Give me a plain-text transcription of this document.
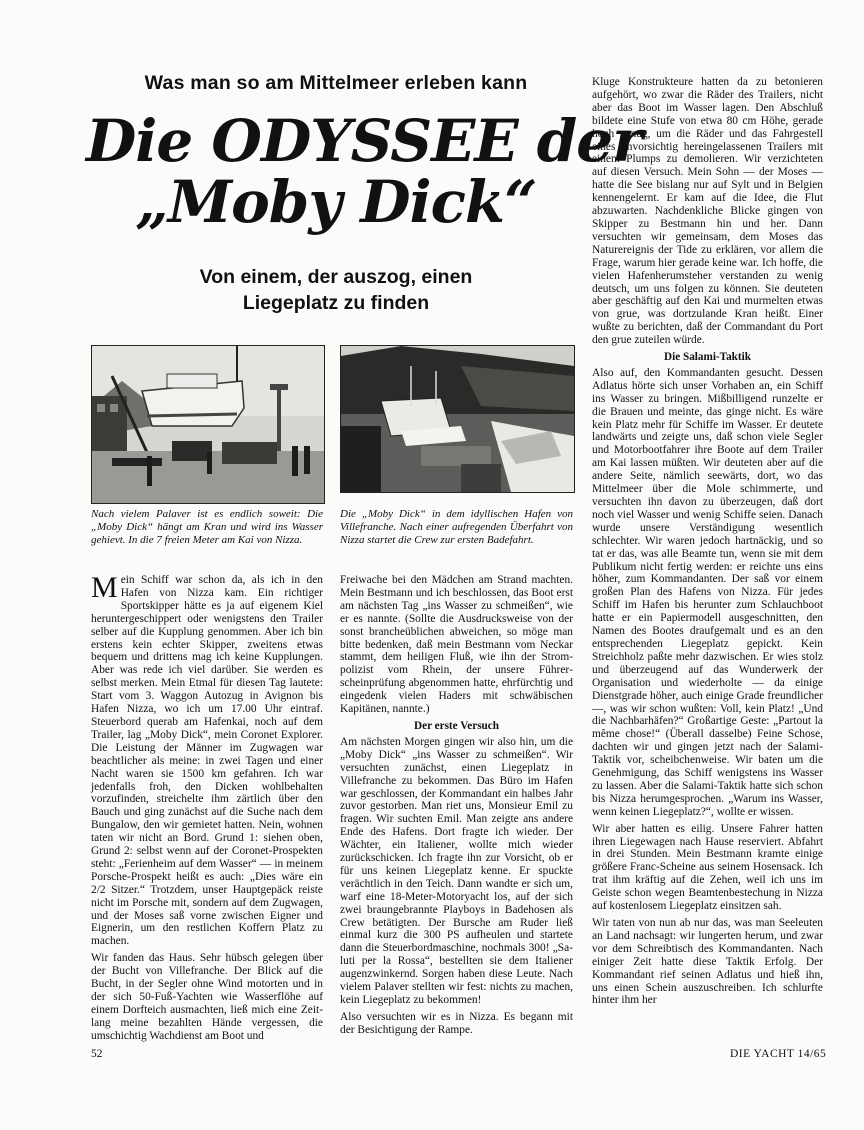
Was man so am Mittelmeer erleben kann
Die ODYSSEE der
„Moby Dick“
Von einem, der auszog, einen
Liegeplatz zu finden
Nach vielem Palaver ist es endlich soweit: Die „Moby Dick“ hängt am Kran und wird ins Wasser gehievt. In die 7 freien Meter am Kai von Nizza.
Die „Moby Dick“ in dem idyllischen Hafen von Villefranche. Nach einer aufregenden Überfahrt von Nizza startet die Crew zur ersten Badefahrt.

Mein Schiff war schon da, als ich in den Hafen von Nizza kam. Ein richtiger Sportskipper hätte es ja auf eigenem Kiel heruntergeschippert oder wenigstens den Trailer selber auf die Kupplung genommen. Aber ich bin erstens kein echter Skipper, zweitens etwas bequem und drittens mag ich keine Kupplungen. Aber was rede ich viel darüber. Sie werden es selbst merken. Mein Etmal für diesen Tag lautete: Start vom 3. Waggon Autozug in Avignon bis Hafen Nizza, wo ich um 17.00 Uhr eintraf. Steuerbord querab am Hafenkai, noch auf dem Trailer, lag „Moby Dick“, mein Coronet Explorer. Die Leistung der Männer im Zugwagen war beachtlicher als meine: in zwei Tagen und einer Nacht waren sie 1500 km gefahren. Ich war jedenfalls froh, den Dicken wohlbehalten vorzufinden, streichelte ihm zärtlich über den Bauch und ging zunächst auf die Suche nach dem Bungalow, den wir gemietet hatten. Nein, wohnen taten wir nicht an Bord. Grund 1: siehen oben, Grund 2: selbst wenn auf der Coronet-Prospekten steht: „Ferienheim auf dem Wasser“ — in meinem Porsche-Prospekt heißt es auch: „Dies wäre ein 2/2 Sitzer.“ Trotzdem, unser Hauptgepäck reiste nicht im Porsche mit, sondern auf dem Zugwagen, und der Moses saß vorne zwischen Eigner und Eignerin, um den restlichen Koffern Platz zu machen.

Wir fanden das Haus. Sehr hübsch gelegen über der Bucht von Villefranche. Der Blick auf die Bucht, in der Segler ohne Wind motorten und in der sich 50-Fuß-Yachten wie Wasserflöhe auf einem Dorfteich ausmachten, ließ mich eine Zeitlang meine bezahlten Hände vergessen, die umschichtig Wachdienst am Boot und

Freiwache bei den Mädchen am Strand machten. Mein Bestmann und ich beschlossen, das Boot erst am nächsten Tag „ins Wasser zu schmeißen“, wie er es nannte. (Sollte die Ausdrucksweise von der sonst brancheüblichen abweichen, so möge man bitte bedenken, daß mein Bestmann vom Neckar stammt, dem heiligen Fluß, wie ihn der Strompolizist vom Rhein, der unsere Führerscheinprüfung abgenommen hatte, ehrfürchtig und eingedenk vielen Haders mit schwäbischen Kapitänen, nannte.)

Der erste Versuch

Am nächsten Morgen gingen wir also hin, um die „Moby Dick“ „ins Wasser zu schmeißen“. Wir versuchten zunächst, einen Liegeplatz in Villefranche zu bekommen. Das Büro im Hafen war geschlossen, der Kommandant ein halbes Jahr zuvor gestorben. Man riet uns, Monsieur Emil zu fragen. Wir suchten Emil. Man zeigte ans andere Ende des Hafens. Dort fragte ich wieder. Der Wächter, ein Italiener, wollte mich wieder zurückschicken. Ich fragte ihn zur Vorsicht, ob er für uns keinen Liegeplatz kenne. Er spuckte verächtlich in den Teich. Dann wandte er sich um, warf eine 18-Meter-Motoryacht los, auf der sich zwei braungebrannte Playboys in Badehosen als Crew betätigten. Der Bursche am Ruder ließ einmal kurz die 300 PS aufheulen und startete dann die Steuerbordmaschine, nochmals 300! „Saluti per la Rossa“, bestellten sie dem Italiener augenzwinkernd. Sorgen haben diese Leute. Nach vielem Palaver stellten wir fest: nichts zu machen, kein Liegeplatz zu bekommen!

Also versuchten wir es in Nizza. Es begann mit der Besichtigung der Rampe.

Kluge Konstrukteure hatten da zu betonieren aufgehört, wo zwar die Räder des Trailers, nicht aber das Boot im Wasser lagen. Den Abschluß bildete eine Stufe von etwa 80 cm Höhe, gerade hoch genug, um die Räder und das Fahrgestell eines unvorsichtig hereingelassenen Trailers mit einem Plumps zu demolieren. Wir verzichteten auf diesen Versuch. Mein Sohn — der Moses — hatte die See bislang nur auf Sylt und in Belgien kennengelernt. Er kam auf die Idee, die Flut abzuwarten. Nachdenkliche Blicke gingen von Skipper zu Bestmann hin und her. Dann versuchten wir gemeinsam, dem Moses das Naturereignis der Tide zu erklären, vor allem die Frage, warum hier gerade keine war. Ich hoffe, die vielen Hafenherumsteher verstanden zu wenig deutsch, um uns folgen zu können. Sie deuteten aber geschäftig auf den Kai und murmelten etwas von grue, was dortzulande Kran heißt. Einer wußte zu berichten, daß der Commandant du Port den grue zuteilen würde.

Die Salami-Taktik

Also auf, den Kommandanten gesucht. Dessen Adlatus hörte sich unser Vorhaben an, ein Schiff ins Wasser zu bringen. Mißbilligend runzelte er die Brauen und meinte, das ginge nicht. Es wäre kein Platz mehr für Schiffe im Wasser. Er deutete landwärts und zeigte uns, daß schon viele Segler und Motorbootfahrer ihre Boote auf dem Trailer am Kai lassen müßten. Wir deuteten aber auf die andere Seite, nämlich seewärts, dort, wo das Mittelmeer über die Mole schimmerte, und versuchten ihn davon zu überzeugen, daß dort noch viel Wasser und wenig Schiffe seien. Danach wurde unsere Verständigung wesentlich schlechter. Wir waren jedoch hartnäckig, und so tat er das, was alle Beamte tun, wenn sie mit dem Publikum nicht fertig werden: er reichte uns eins höher, zum Kommandanten. Der saß vor einem großen Plan des Hafens von Nizza. Für jedes Schiff im Hafen bis herunter zum Schlauchboot hatte er ein Papiermodell ausgeschnitten, den Namen des Bootes draufgemalt und es an den entsprechenden Liegeplatz gepickt. Kein Streichholz paßte mehr dazwischen. Er wies stolz und überzeugend auf das Wunderwerk der Organisation und wiederholte — da einige Dienstgrade höher, auch einige Grade freundlicher —, was wir schon wußten: Voll, kein Platz! „Und die Nachbarhäfen?“ Großartige Geste: „Partout la même chose!“ (Überall dasselbe) Feine Schose, dachten wir und gingen jetzt nach der Salami-Taktik vor, scheibchenweise. Wir baten um die Genehmigung, das Schiff wenigstens ins Wasser zu lassen. Aber die Salami-Taktik hatte sich schon bis Nizza herumgesprochen. „Warum ins Wasser, wenn keinen Liegeplatz?“, wollte er wissen.

Wir aber hatten es eilig. Unsere Fahrer hatten ihren Liegewagen nach Hause reserviert. Abfahrt in drei Stunden. Mein Bestmann kramte einige größere Franc-Scheine aus seinem Hosensack. Ich trat ihm kräftig auf die Zehen, weil ich uns im Geiste schon wegen Beamtenbestechung in Nizza auf kostenlosem Liegeplatz einsitzen sah.

Wir taten von nun ab nur das, was man Seeleuten an Land nachsagt: wir lungerten herum, und zwar vor dem Schreibtisch des Kommandanten. Nach einiger Zeit hatte diese Taktik Erfolg. Der Kommandant rief seinen Adlatus und hieß ihn, uns einen Schein auszuschreiben. Ich schlurfte hinter ihm her

52	DIE YACHT 14/65
